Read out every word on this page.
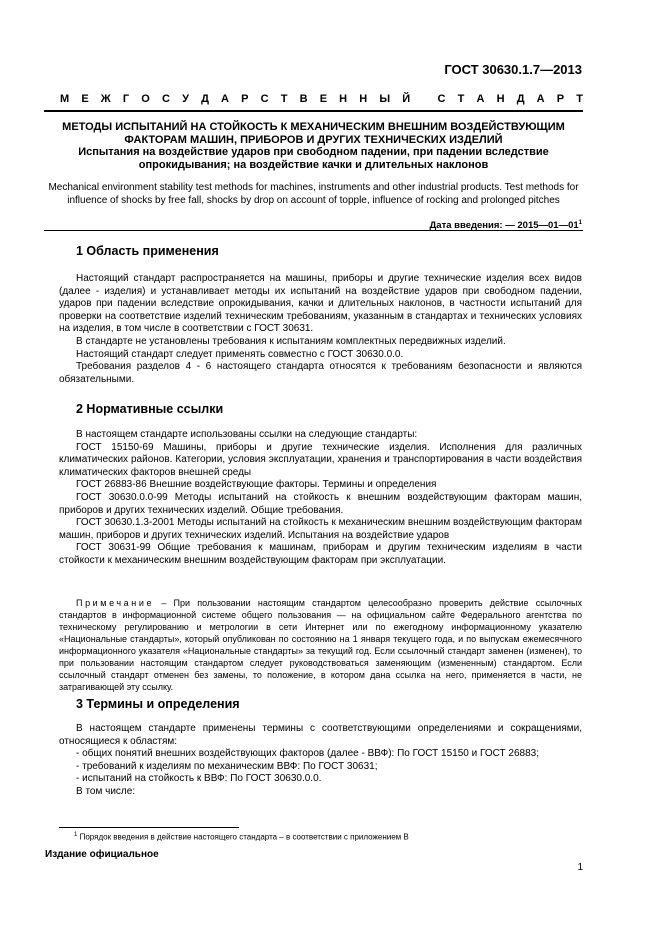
ГОСТ 30630.1.7—2013
М Е Ж Г О С У Д А Р С Т В Е Н Н Ы Й
С Т А Н Д А Р Т
МЕТОДЫ ИСПЫТАНИЙ НА СТОЙКОСТЬ К МЕХАНИЧЕСКИМ ВНЕШНИМ ВОЗДЕЙСТВУЮЩИМ
ФАКТОРАМ МАШИН, ПРИБОРОВ И ДРУГИХ ТЕХНИЧЕСКИХ ИЗДЕЛИЙ
Испытания на воздействие ударов при свободном падении, при падении вследствие
опрокидывания; на воздействие качки и длительных наклонов
Mechanical environment stability test methods for machines, instruments and other industrial products. Test methods for
influence of shocks by free fall, shocks by drop on account of topple, influence of rocking and prolonged pitches
Дата введения: — $2015—01—01^1$
1 Область применения

Настоящий стандарт распространяется на машины, приборы и другие технические изделия всех видов (далее - изделия) и устанавливает методы их испытаний на воздействие ударов при свободном падении, ударов при падении вследствие опрокидывания, качки и длительных наклонов, в частности испытаний для проверки на соответствие изделий техническим требованиям, указанным в стандартах и технических условиях на изделия, в том числе в соответствии с ГОСТ 30631.

В стандарте не установлены требования к испытаниям комплектных передвижных изделий.

Настоящий стандарт следует применять совместно с ГОСТ 30630.0.0.

Требования разделов 4 - 6 настоящего стандарта относятся к требованиям безопасности и являются обязательными.

2 Нормативные ссылки

В настоящем стандарте использованы ссылки на следующие стандарты:

ГОСТ 15150-69 Машины, приборы и другие технические изделия. Исполнения для различных климатических районов. Категории, условия эксплуатации, хранения и транспортирования в части воздействия климатических факторов внешней среды

ГОСТ 26883-86 Внешние воздействующие факторы. Термины и определения

ГОСТ 30630.0.0-99 Методы испытаний на стойкость к внешним воздействующим факторам машин, приборов и других технических изделий. Общие требования.

ГОСТ 30630.1.3-2001 Методы испытаний на стойкость к механическим внешним воздействующим факторам машин, приборов и других технических изделий. Испытания на воздействие ударов

ГОСТ 30631-99 Общие требования к машинам, приборам и другим техническим изделиям в части стойкости к механическим внешним воздействующим факторам при эксплуатации.

Примечание – При пользовании настоящим стандартом целесообразно проверить действие ссылочных стандартов в информационной системе общего пользования — на официальном сайте Федерального агентства по техническому регулированию и метрологии в сети Интернет или по ежегодному информационному указателю «Национальные стандарты», который опубликован по состоянию на 1 января текущего года, и по выпускам ежемесячного информационного указателя «Национальные стандарты» за текущий год. Если ссылочный стандарт заменен (изменен), то при пользовании настоящим стандартом следует руководствоваться заменяющим (измененным) стандартом. Если ссылочный стандарт отменен без замены, то положение, в котором дана ссылка на него, применяется в части, не затрагивающей эту ссылку.

3 Термины и определения

В настоящем стандарте применены термины с соответствующими определениями и сокращениями, относящиеся к областям:

- общих понятий внешних воздействующих факторов (далее - ВВФ): По ГОСТ 15150 и ГОСТ 26883;

- требований к изделиям по механическим ВВФ: По ГОСТ 30631;

- испытаний на стойкость к ВВФ: По ГОСТ 30630.0.0.

В том числе:

$^1$ Порядок введения в действие настоящего стандарта – в соответствии с приложением В
Издание официальное
1
